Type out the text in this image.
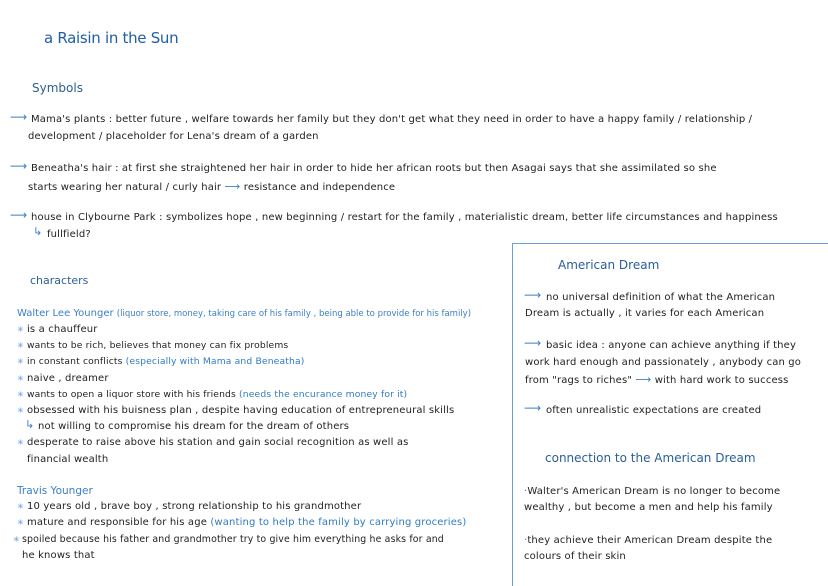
a Raisin in the Sun
Symbols
⟶ Mama's plants : better future , welfare towards her family but they don't get what they need in order to have a happy family / relationship /
development / placeholder for Lena's dream of a garden
⟶ Beneatha's hair : at first she straightened her hair in order to hide her african roots but then Asagai says that she assimilated so she
starts wearing her natural / curly hair ⟶ resistance and independence
⟶ house in Clybourne Park : symbolizes hope , new beginning / restart for the family , materialistic dream, better life circumstances and happiness
↳ fullfield?
characters
Walter Lee Younger (liquor store, money, taking care of his family , being able to provide for his family)
✳ is a chauffeur
✳ wants to be rich, believes that money can fix problems
✳ in constant conflicts (especially with Mama and Beneatha)
✳ naive , dreamer
✳ wants to open a liquor store with his friends (needs the encurance money for it)
✳ obsessed with his buisness plan , despite having education of entrepreneural skills
↳ not willing to compromise his dream for the dream of others
✳ desperate to raise above his station and gain social recognition as well as
financial wealth
Travis Younger
✳ 10 years old , brave boy , strong relationship to his grandmother
✳ mature and responsible for his age (wanting to help the family by carrying groceries)
✳ spoiled because his father and grandmother try to give him everything he asks for and
he knows that
American Dream
⟶ no universal definition of what the American
Dream is actually , it varies for each American
⟶ basic idea : anyone can achieve anything if they
work hard enough and passionately , anybody can go
from "rags to riches" ⟶ with hard work to success
⟶ often unrealistic expectations are created
connection to the American Dream
·Walter's American Dream is no longer to become
wealthy , but become a men and help his family
·they achieve their American Dream despite the
colours of their skin
